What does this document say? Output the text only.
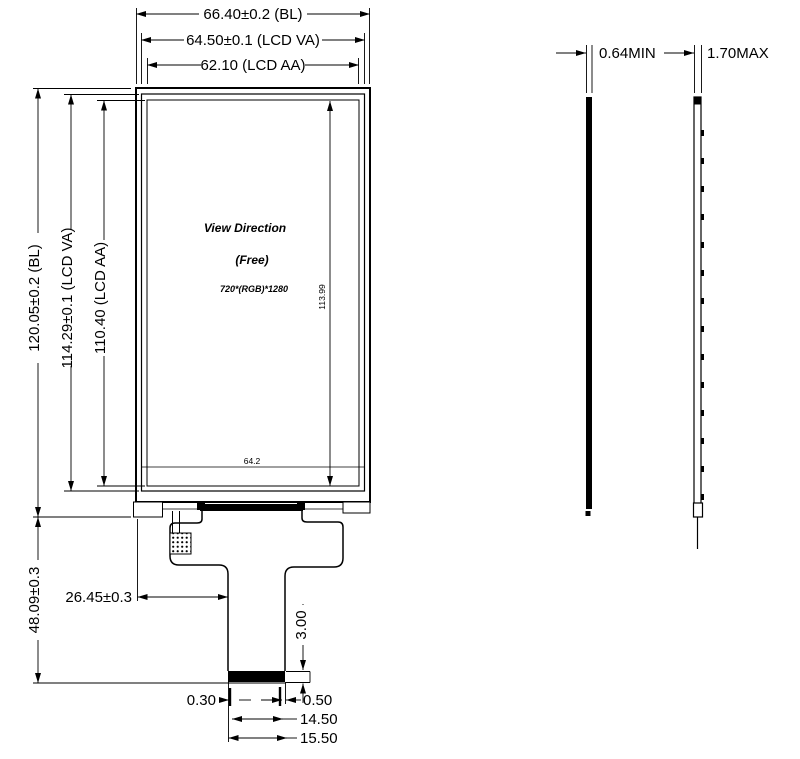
View Direction
(Free)
720*(RGB)*1280
66.40±0.2 (BL)
64.50±0.1 (LCD VA)
62.10 (LCD AA)
120.05±0.2 (BL) 114.29±0.1 (LCD VA) 110.40 (LCD AA)	113.99
64.2
48.09±0.3 26.45±0.3
3.00
0.30	0.50
14.50
15.50
0.64MIN	1.70MAX
